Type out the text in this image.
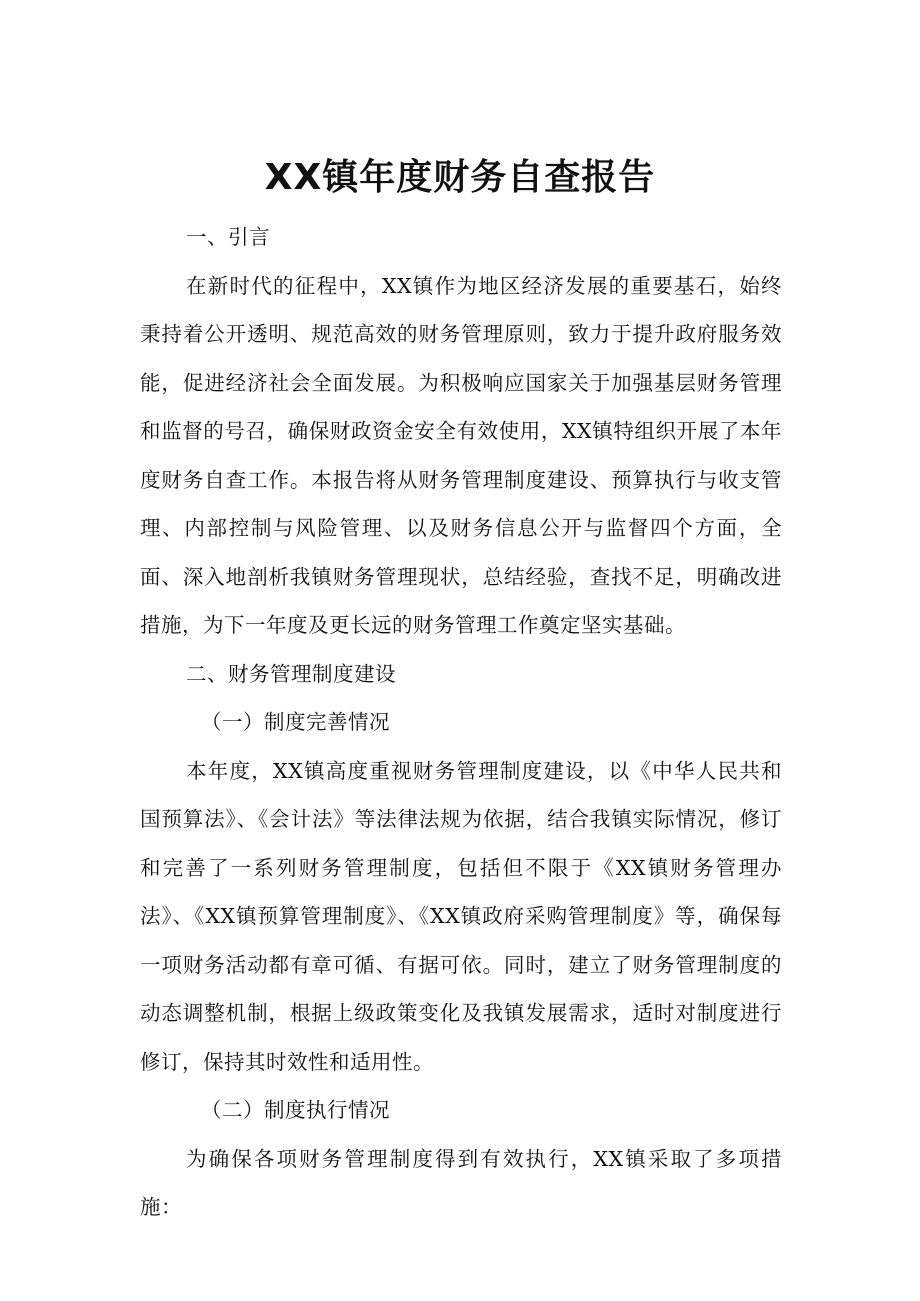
XX镇年度财务自查报告

一、引言

在新时代的征程中，XX镇作为地区经济发展的重要基石，始终秉持着公开透明、规范高效的财务管理原则，致力于提升政府服务效能，促进经济社会全面发展。为积极响应国家关于加强基层财务管理和监督的号召，确保财政资金安全有效使用，XX镇特组织开展了本年度财务自查工作。本报告将从财务管理制度建设、预算执行与收支管理、内部控制与风险管理、以及财务信息公开与监督四个方面，全面、深入地剖析我镇财务管理现状，总结经验，查找不足，明确改进措施，为下一年度及更长远的财务管理工作奠定坚实基础。

二、财务管理制度建设

（一）制度完善情况

本年度，XX镇高度重视财务管理制度建设，以《中华人民共和国预算法》、《会计法》等法律法规为依据，结合我镇实际情况，修订和完善了一系列财务管理制度，包括但不限于《XX镇财务管理办法》、《XX镇预算管理制度》、《XX镇政府采购管理制度》等，确保每一项财务活动都有章可循、有据可依。同时，建立了财务管理制度的动态调整机制，根据上级政策变化及我镇发展需求，适时对制度进行修订，保持其时效性和适用性。

（二）制度执行情况

为确保各项财务管理制度得到有效执行，XX镇采取了多项措施：
